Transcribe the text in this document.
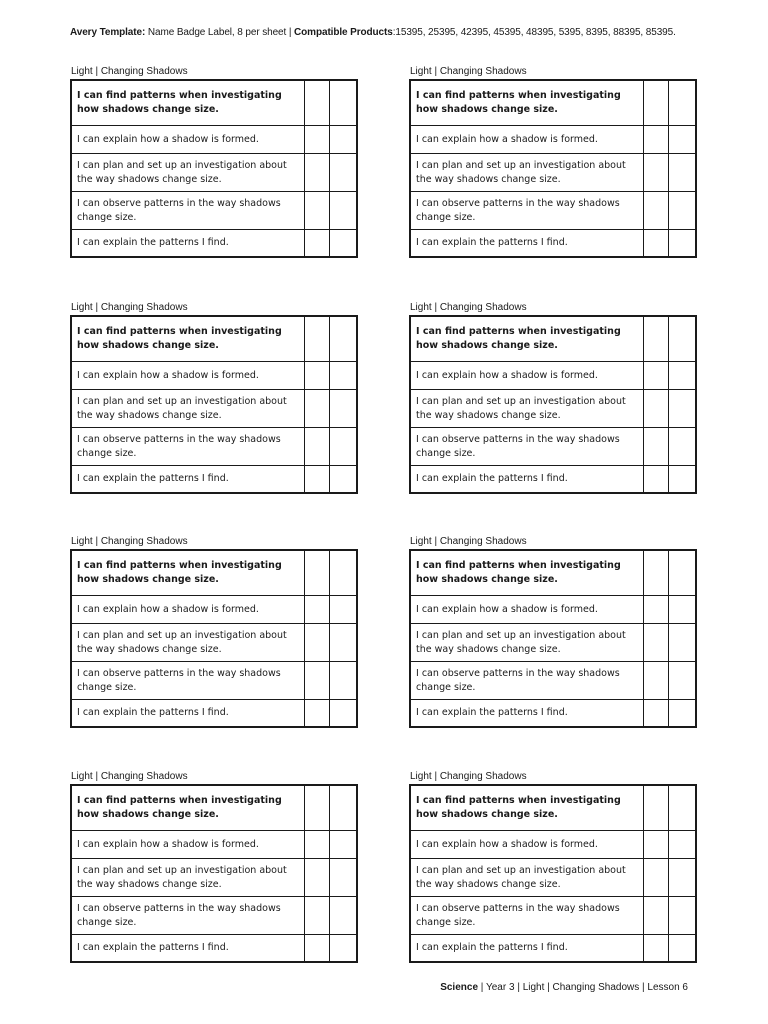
Avery Template: Name Badge Label, 8 per sheet | Compatible Products:15395, 25395, 42395, 45395, 48395, 5395, 8395, 88395, 85395.
Light | Changing Shadows
I can find patterns when investigating how shadows change size.
I can explain how a shadow is formed.
I can plan and set up an investigation about the way shadows change size.
I can observe patterns in the way shadows change size.
I can explain the patterns I find.
Light | Changing Shadows
I can find patterns when investigating how shadows change size.
I can explain how a shadow is formed.
I can plan and set up an investigation about the way shadows change size.
I can observe patterns in the way shadows change size.
I can explain the patterns I find.
Light | Changing Shadows
I can find patterns when investigating how shadows change size.
I can explain how a shadow is formed.
I can plan and set up an investigation about the way shadows change size.
I can observe patterns in the way shadows change size.
I can explain the patterns I find.
Light | Changing Shadows
I can find patterns when investigating how shadows change size.
I can explain how a shadow is formed.
I can plan and set up an investigation about the way shadows change size.
I can observe patterns in the way shadows change size.
I can explain the patterns I find.
Light | Changing Shadows
I can find patterns when investigating how shadows change size.
I can explain how a shadow is formed.
I can plan and set up an investigation about the way shadows change size.
I can observe patterns in the way shadows change size.
I can explain the patterns I find.
Light | Changing Shadows
I can find patterns when investigating how shadows change size.
I can explain how a shadow is formed.
I can plan and set up an investigation about the way shadows change size.
I can observe patterns in the way shadows change size.
I can explain the patterns I find.
Light | Changing Shadows
I can find patterns when investigating how shadows change size.
I can explain how a shadow is formed.
I can plan and set up an investigation about the way shadows change size.
I can observe patterns in the way shadows change size.
I can explain the patterns I find.
Light | Changing Shadows
I can find patterns when investigating how shadows change size.
I can explain how a shadow is formed.
I can plan and set up an investigation about the way shadows change size.
I can observe patterns in the way shadows change size.
I can explain the patterns I find.
Science | Year 3 | Light | Changing Shadows | Lesson 6
